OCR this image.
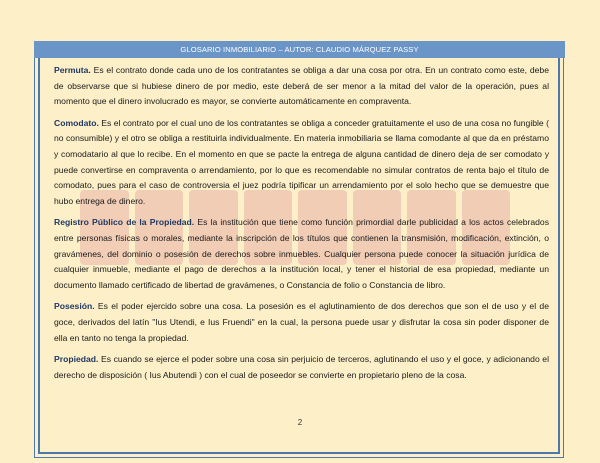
GLOSARIO INMOBILIARIO – AUTOR: CLAUDIO MÁRQUEZ PASSY

Permuta. Es el contrato donde cada uno de los contratantes se obliga a dar una cosa por otra. En un contrato como este, debe de observarse que si hubiese dinero de por medio, este deberá de ser menor a la mitad del valor de la operación, pues al momento que el dinero involucrado es mayor, se convierte automáticamente en compraventa.

Comodato. Es el contrato por el cual uno de los contratantes se obliga a conceder gratuitamente el uso de una cosa no fungible ( no consumible) y el otro se obliga a restituirla individualmente. En materia inmobiliaria se llama comodante al que da en préstamo y comodatario al que lo recibe. En el momento en que se pacte la entrega de alguna cantidad de dinero deja de ser comodato y puede convertirse en compraventa o arrendamiento, por lo que es recomendable no simular contratos de renta bajo el título de comodato, pues para el caso de controversia el juez podría tipificar un arrendamiento por el solo hecho que se demuestre que hubo entrega de dinero.

Registro Público de la Propiedad. Es la institución que tiene como función primordial darle publicidad a los actos celebrados entre personas físicas o morales, mediante la inscripción de los títulos que contienen la transmisión, modificación, extinción, o gravámenes, del dominio o posesión de derechos sobre inmuebles. Cualquier persona puede conocer la situación jurídica de cualquier inmueble, mediante el pago de derechos a la institución local, y tener el historial de esa propiedad, mediante un documento llamado certificado de libertad de gravámenes, o Constancia de folio o Constancia de libro.

Posesión. Es el poder ejercido sobre una cosa. La posesión es el aglutinamiento de dos derechos que son el de uso y el de goce, derivados del latín "Ius Utendi, e Ius Fruendi" en la cual, la persona puede usar y disfrutar la cosa sin poder disponer de ella en tanto no tenga la propiedad.

Propiedad. Es cuando se ejerce el poder sobre una cosa sin perjuicio de terceros, aglutinando el uso y el goce, y adicionando el derecho de disposición ( Ius Abutendi ) con el cual de poseedor se convierte en propietario pleno de la cosa.

2
